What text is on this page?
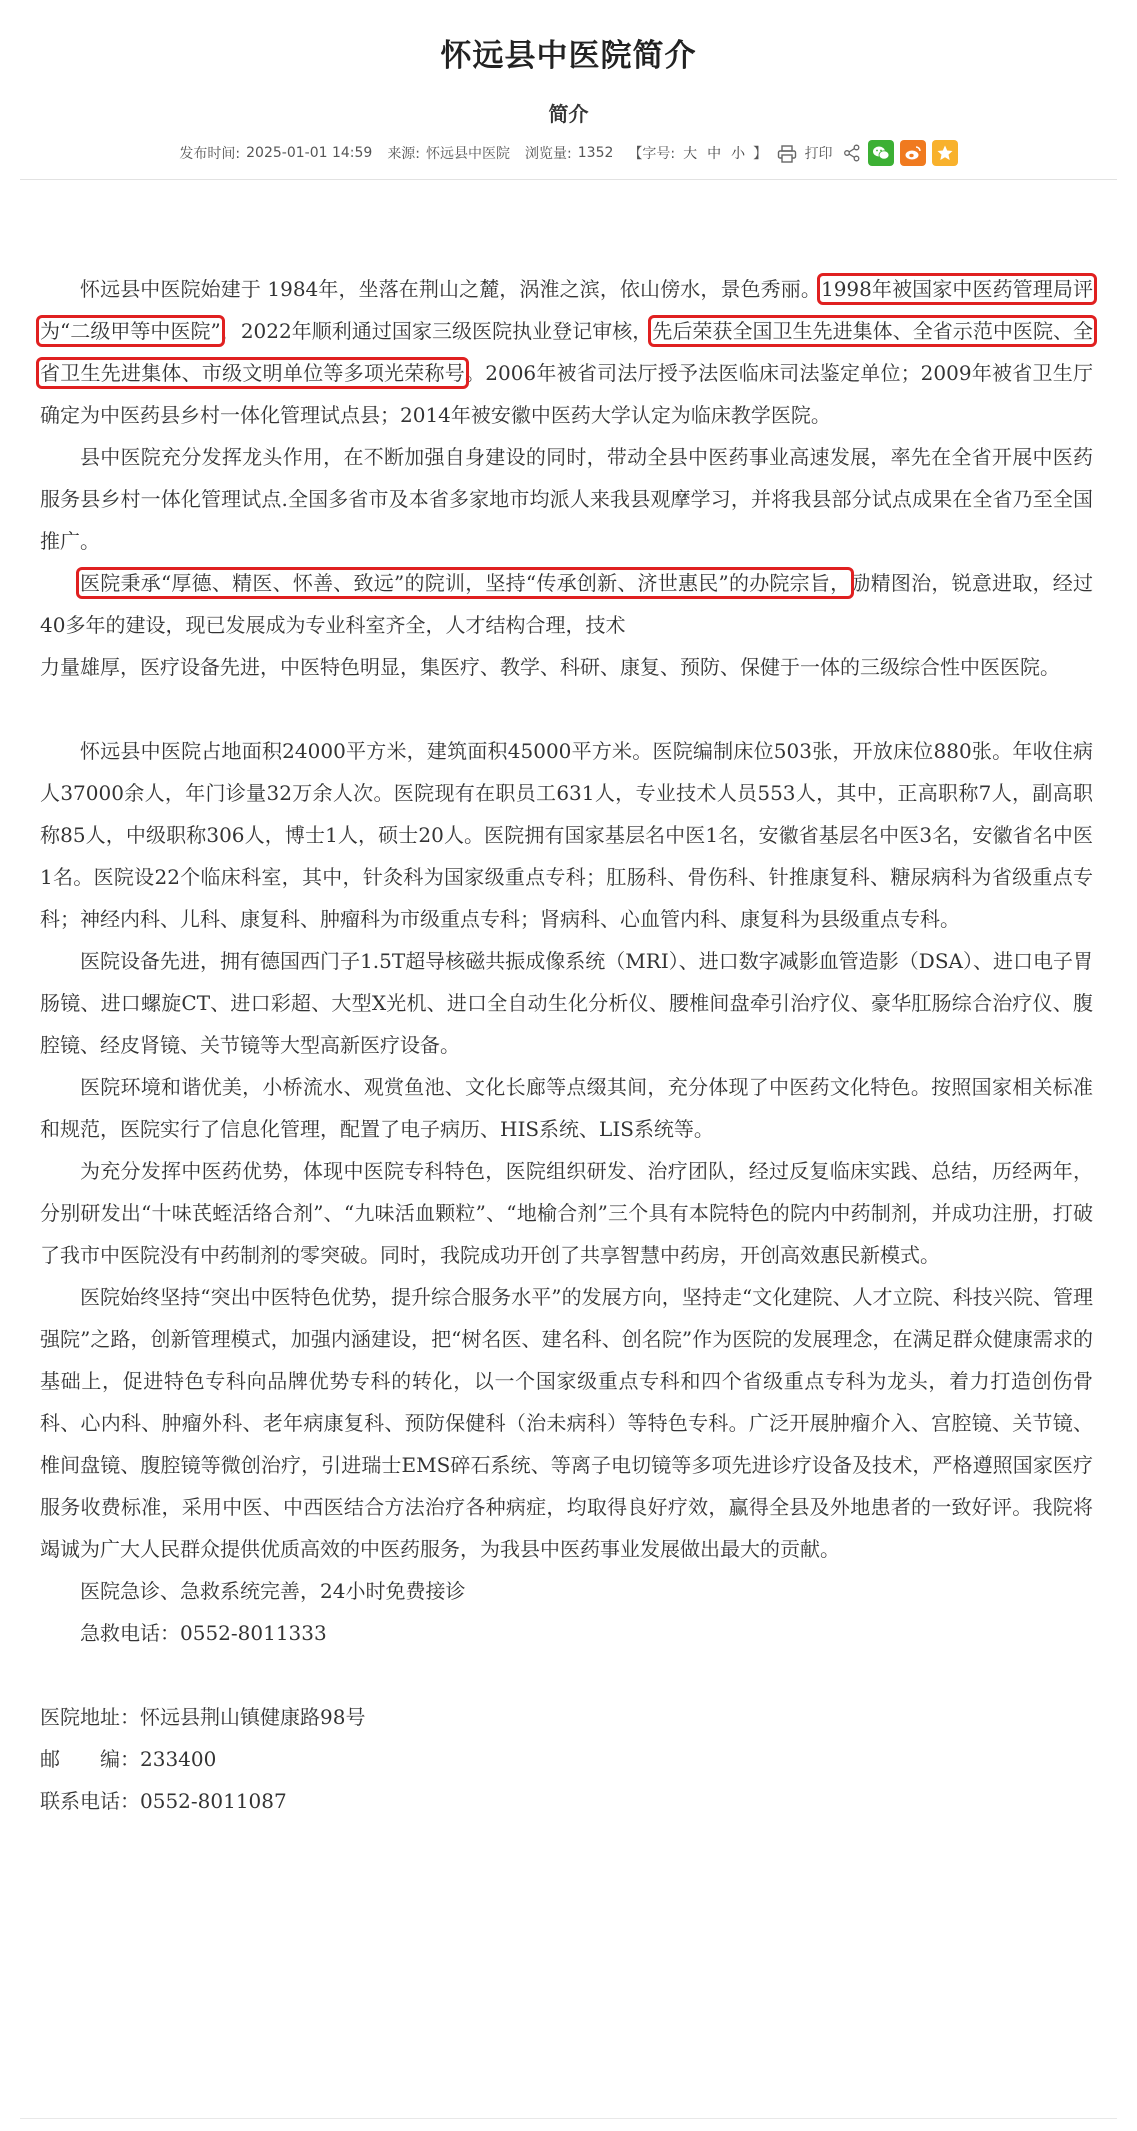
怀远县中医院简介
简介
发布时间: 2025-01-01 14:59 来源: 怀远县中医院 浏览量: 1352 【字号: 大 中 小 】	打印

怀远县中医院始建于 1984年，坐落在荆山之麓，涡淮之滨，依山傍水，景色秀丽。1998年被国家中医药管理局评为“二级甲等中医院”，2022年顺利通过国家三级医院执业登记审核，先后荣获全国卫生先进集体、全省示范中医院、全省卫生先进集体、市级文明单位等多项光荣称号。2006年被省司法厅授予法医临床司法鉴定单位；2009年被省卫生厅确定为中医药县乡村一体化管理试点县；2014年被安徽中医药大学认定为临床教学医院。

县中医院充分发挥龙头作用，在不断加强自身建设的同时，带动全县中医药事业高速发展，率先在全省开展中医药服务县乡村一体化管理试点.全国多省市及本省多家地市均派人来我县观摩学习，并将我县部分试点成果在全省乃至全国推广。

医院秉承“厚德、精医、怀善、致远”的院训，坚持“传承创新、济世惠民”的办院宗旨，励精图治，锐意进取，经过40多年的建设，现已发展成为专业科室齐全，人才结构合理，技术

力量雄厚，医疗设备先进，中医特色明显，集医疗、教学、科研、康复、预防、保健于一体的三级综合性中医医院。

怀远县中医院占地面积24000平方米，建筑面积45000平方米。医院编制床位503张，开放床位880张。年收住病人37000余人，年门诊量32万余人次。医院现有在职员工631人，专业技术人员553人，其中，正高职称7人，副高职称85人，中级职称306人，博士1人，硕士20人。医院拥有国家基层名中医1名，安徽省基层名中医3名，安徽省名中医1名。医院设22个临床科室，其中，针灸科为国家级重点专科；肛肠科、骨伤科、针推康复科、糖尿病科为省级重点专科；神经内科、儿科、康复科、肿瘤科为市级重点专科；肾病科、心血管内科、康复科为县级重点专科。

医院设备先进，拥有德国西门子1.5T超导核磁共振成像系统（MRI）、进口数字减影血管造影（DSA）、进口电子胃肠镜、进口螺旋CT、进口彩超、大型X光机、进口全自动生化分析仪、腰椎间盘牵引治疗仪、豪华肛肠综合治疗仪、腹腔镜、经皮肾镜、关节镜等大型高新医疗设备。

医院环境和谐优美，小桥流水、观赏鱼池、文化长廊等点缀其间，充分体现了中医药文化特色。按照国家相关标准和规范，医院实行了信息化管理，配置了电子病历、HIS系统、LIS系统等。

为充分发挥中医药优势，体现中医院专科特色，医院组织研发、治疗团队，经过反复临床实践、总结，历经两年，分别研发出“十味芪蛭活络合剂”、“九味活血颗粒”、“地榆合剂”三个具有本院特色的院内中药制剂，并成功注册，打破了我市中医院没有中药制剂的零突破。同时，我院成功开创了共享智慧中药房，开创高效惠民新模式。

医院始终坚持“突出中医特色优势，提升综合服务水平”的发展方向，坚持走“文化建院、人才立院、科技兴院、管理强院”之路，创新管理模式，加强内涵建设，把“树名医、建名科、创名院”作为医院的发展理念，在满足群众健康需求的基础上，促进特色专科向品牌优势专科的转化，以一个国家级重点专科和四个省级重点专科为龙头，着力打造创伤骨科、心内科、肿瘤外科、老年病康复科、预防保健科（治未病科）等特色专科。广泛开展肿瘤介入、宫腔镜、关节镜、椎间盘镜、腹腔镜等微创治疗，引进瑞士EMS碎石系统、等离子电切镜等多项先进诊疗设备及技术，严格遵照国家医疗服务收费标准，采用中医、中西医结合方法治疗各种病症，均取得良好疗效，赢得全县及外地患者的一致好评。我院将竭诚为广大人民群众提供优质高效的中医药服务，为我县中医药事业发展做出最大的贡献。

医院急诊、急救系统完善，24小时免费接诊

急救电话：0552-8011333

医院地址：怀远县荆山镇健康路98号

邮　　编：233400

联系电话：0552-8011087
